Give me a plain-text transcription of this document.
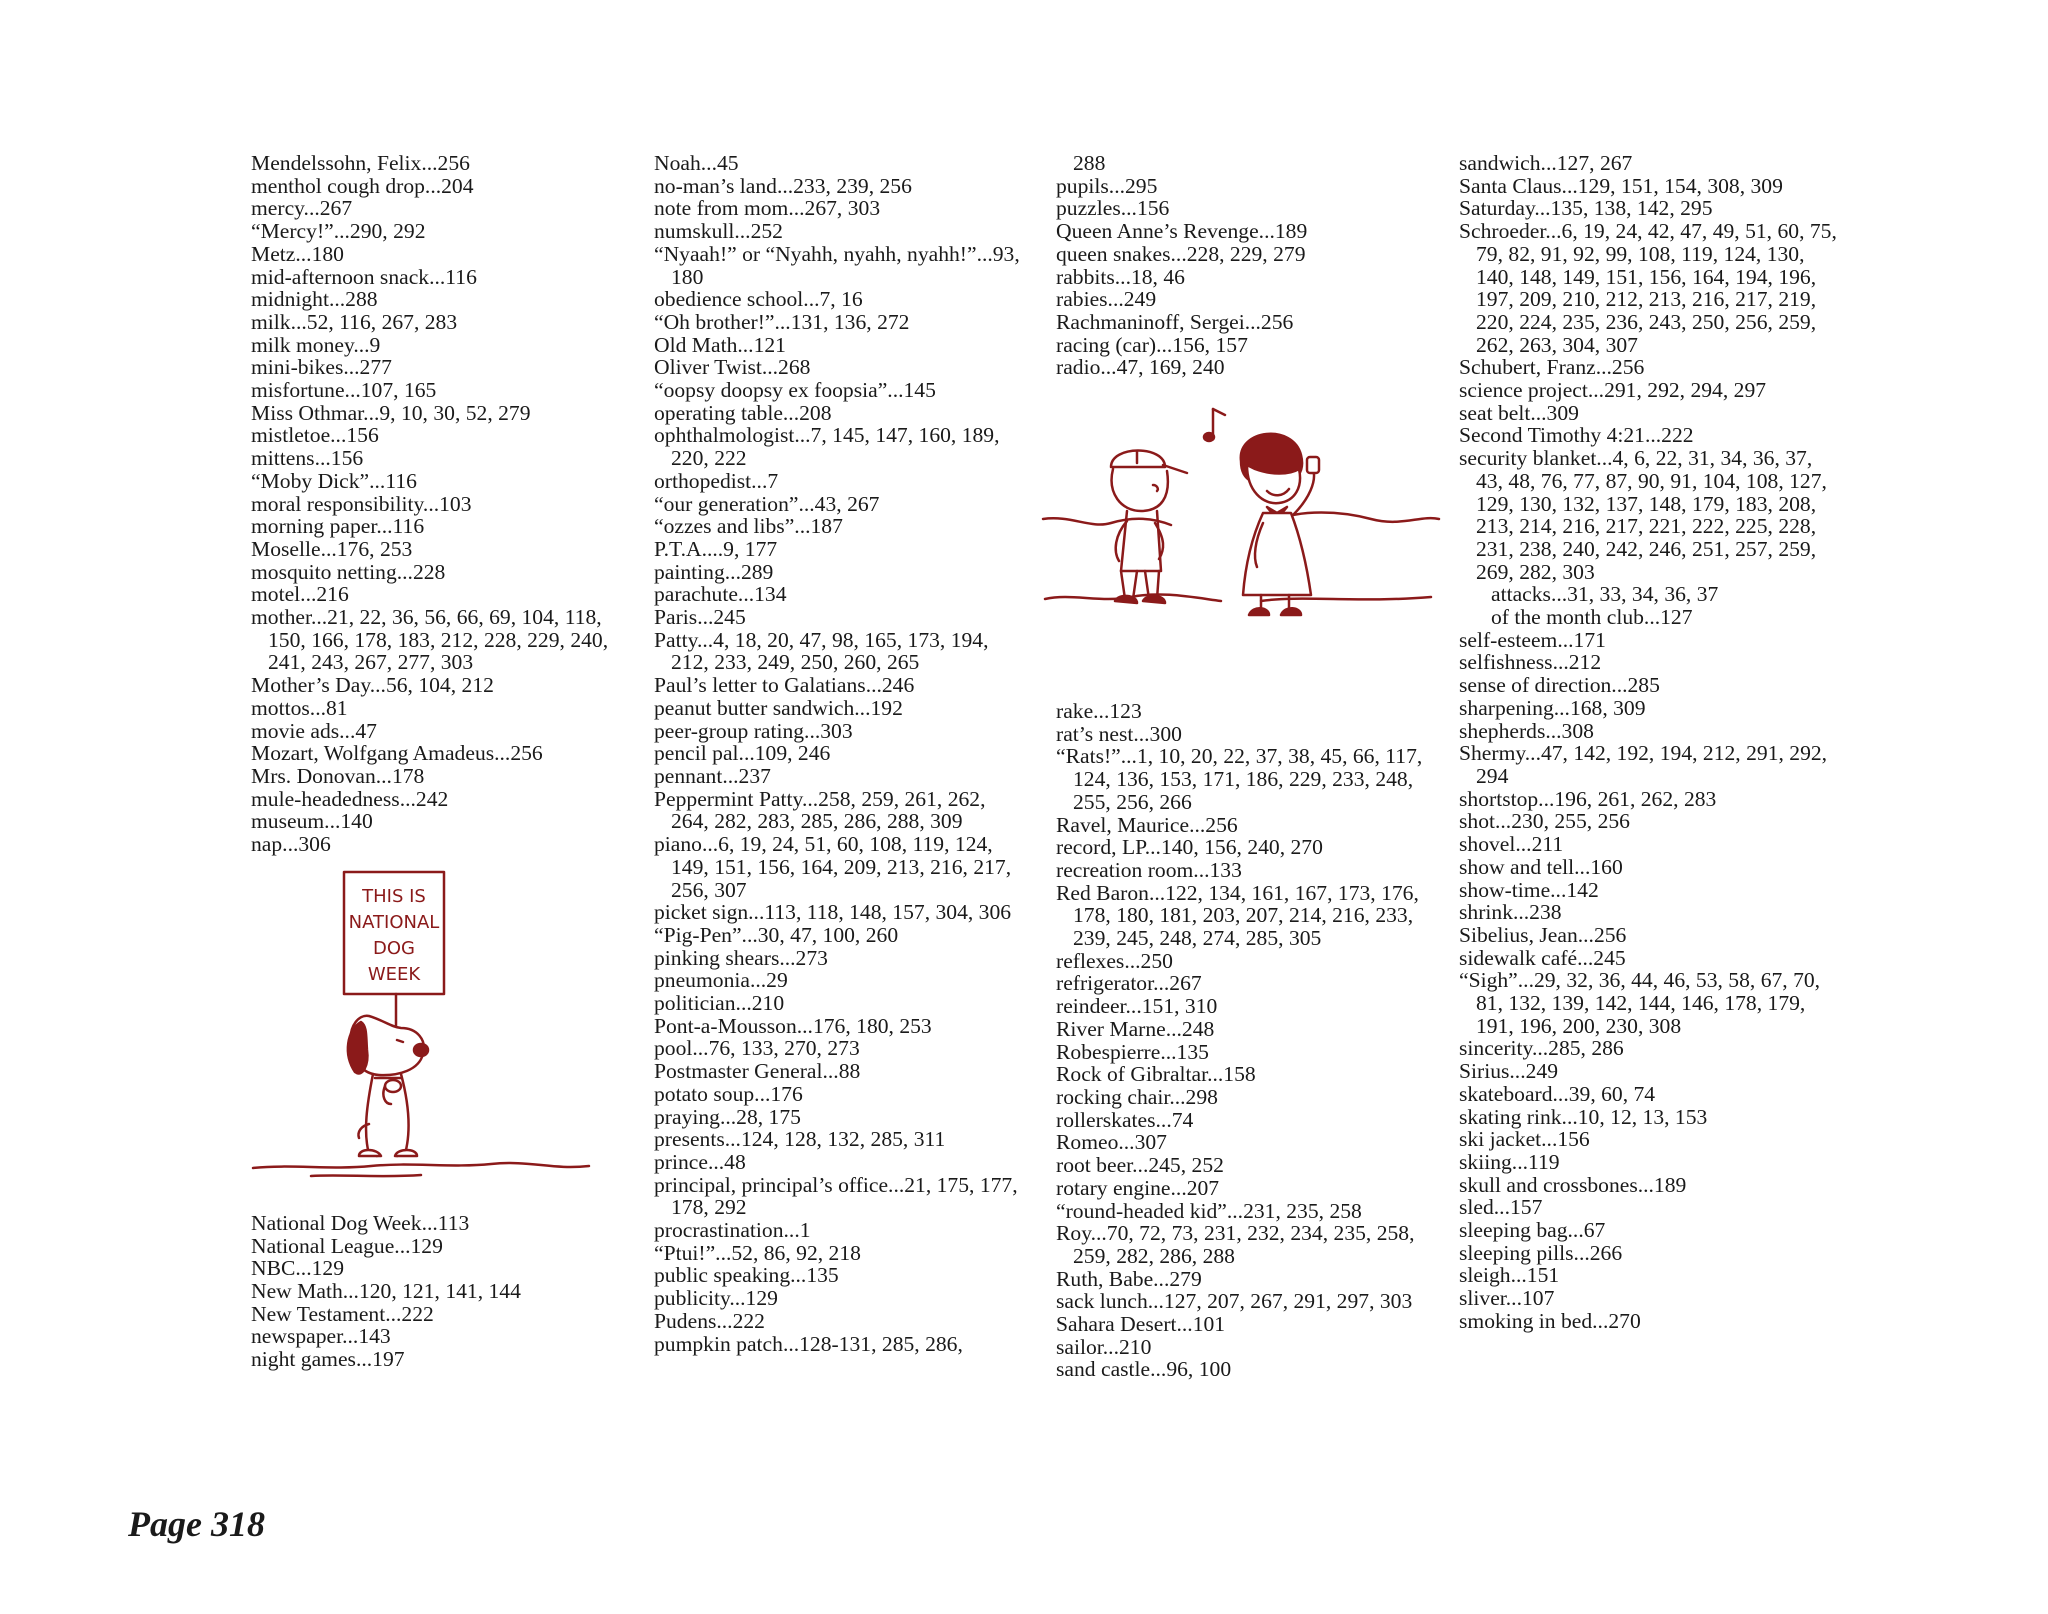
Mendelssohn, Felix...256
menthol cough drop...204
mercy...267
“Mercy!”...290, 292
Metz...180
mid-afternoon snack...116
midnight...288
milk...52, 116, 267, 283
milk money...9
mini-bikes...277
misfortune...107, 165
Miss Othmar...9, 10, 30, 52, 279
mistletoe...156
mittens...156
“Moby Dick”...116
moral responsibility...103
morning paper...116
Moselle...176, 253
mosquito netting...228
motel...216
mother...21, 22, 36, 56, 66, 69, 104, 118, 150, 166, 178, 183, 212, 228, 229, 240, 241, 243, 267, 277, 303
Mother’s Day...56, 104, 212
mottos...81
movie ads...47
Mozart, Wolfgang Amadeus...256
Mrs. Donovan...178
mule-headedness...242
museum...140
nap...306
THIS IS
NATIONAL
DOG
WEEK
National Dog Week...113
National League...129
NBC...129
New Math...120, 121, 141, 144
New Testament...222
newspaper...143
night games...197
Noah...45
no-man’s land...233, 239, 256
note from mom...267, 303
numskull...252
“Nyaah!” or “Nyahh, nyahh, nyahh!”...93, 180
obedience school...7, 16
“Oh brother!”...131, 136, 272
Old Math...121
Oliver Twist...268
“oopsy doopsy ex foopsia”...145
operating table...208
ophthalmologist...7, 145, 147, 160, 189, 220, 222
orthopedist...7
“our generation”...43, 267
“ozzes and libs”...187
P.T.A....9, 177
painting...289
parachute...134
Paris...245
Patty...4, 18, 20, 47, 98, 165, 173, 194, 212, 233, 249, 250, 260, 265
Paul’s letter to Galatians...246
peanut butter sandwich...192
peer-group rating...303
pencil pal...109, 246
pennant...237
Peppermint Patty...258, 259, 261, 262, 264, 282, 283, 285, 286, 288, 309
piano...6, 19, 24, 51, 60, 108, 119, 124, 149, 151, 156, 164, 209, 213, 216, 217, 256, 307
picket sign...113, 118, 148, 157, 304, 306
“Pig-Pen”...30, 47, 100, 260
pinking shears...273
pneumonia...29
politician...210
Pont-a-Mousson...176, 180, 253
pool...76, 133, 270, 273
Postmaster General...88
potato soup...176
praying...28, 175
presents...124, 128, 132, 285, 311
prince...48
principal, principal’s office...21, 175, 177, 178, 292
procrastination...1
“Ptui!”...52, 86, 92, 218
public speaking...135
publicity...129
Pudens...222
pumpkin patch...128-131, 285, 286,
288
pupils...295
puzzles...156
Queen Anne’s Revenge...189
queen snakes...228, 229, 279
rabbits...18, 46
rabies...249
Rachmaninoff, Sergei...256
racing (car)...156, 157
radio...47, 169, 240
rake...123
rat’s nest...300
“Rats!”...1, 10, 20, 22, 37, 38, 45, 66, 117, 124, 136, 153, 171, 186, 229, 233, 248, 255, 256, 266
Ravel, Maurice...256
record, LP...140, 156, 240, 270
recreation room...133
Red Baron...122, 134, 161, 167, 173, 176, 178, 180, 181, 203, 207, 214, 216, 233, 239, 245, 248, 274, 285, 305
reflexes...250
refrigerator...267
reindeer...151, 310
River Marne...248
Robespierre...135
Rock of Gibraltar...158
rocking chair...298
rollerskates...74
Romeo...307
root beer...245, 252
rotary engine...207
“round-headed kid”...231, 235, 258
Roy...70, 72, 73, 231, 232, 234, 235, 258, 259, 282, 286, 288
Ruth, Babe...279
sack lunch...127, 207, 267, 291, 297, 303
Sahara Desert...101
sailor...210
sand castle...96, 100
sandwich...127, 267
Santa Claus...129, 151, 154, 308, 309
Saturday...135, 138, 142, 295
Schroeder...6, 19, 24, 42, 47, 49, 51, 60, 75, 79, 82, 91, 92, 99, 108, 119, 124, 130, 140, 148, 149, 151, 156, 164, 194, 196, 197, 209, 210, 212, 213, 216, 217, 219, 220, 224, 235, 236, 243, 250, 256, 259, 262, 263, 304, 307
Schubert, Franz...256
science project...291, 292, 294, 297
seat belt...309
Second Timothy 4:21...222
security blanket...4, 6, 22, 31, 34, 36, 37, 43, 48, 76, 77, 87, 90, 91, 104, 108, 127, 129, 130, 132, 137, 148, 179, 183, 208, 213, 214, 216, 217, 221, 222, 225, 228, 231, 238, 240, 242, 246, 251, 257, 259, 269, 282, 303
attacks...31, 33, 34, 36, 37
of the month club...127
self-esteem...171
selfishness...212
sense of direction...285
sharpening...168, 309
shepherds...308
Shermy...47, 142, 192, 194, 212, 291, 292, 294
shortstop...196, 261, 262, 283
shot...230, 255, 256
shovel...211
show and tell...160
show-time...142
shrink...238
Sibelius, Jean...256
sidewalk café...245
“Sigh”...29, 32, 36, 44, 46, 53, 58, 67, 70, 81, 132, 139, 142, 144, 146, 178, 179, 191, 196, 200, 230, 308
sincerity...285, 286
Sirius...249
skateboard...39, 60, 74
skating rink...10, 12, 13, 153
ski jacket...156
skiing...119
skull and crossbones...189
sled...157
sleeping bag...67
sleeping pills...266
sleigh...151
sliver...107
smoking in bed...270
Page 318
